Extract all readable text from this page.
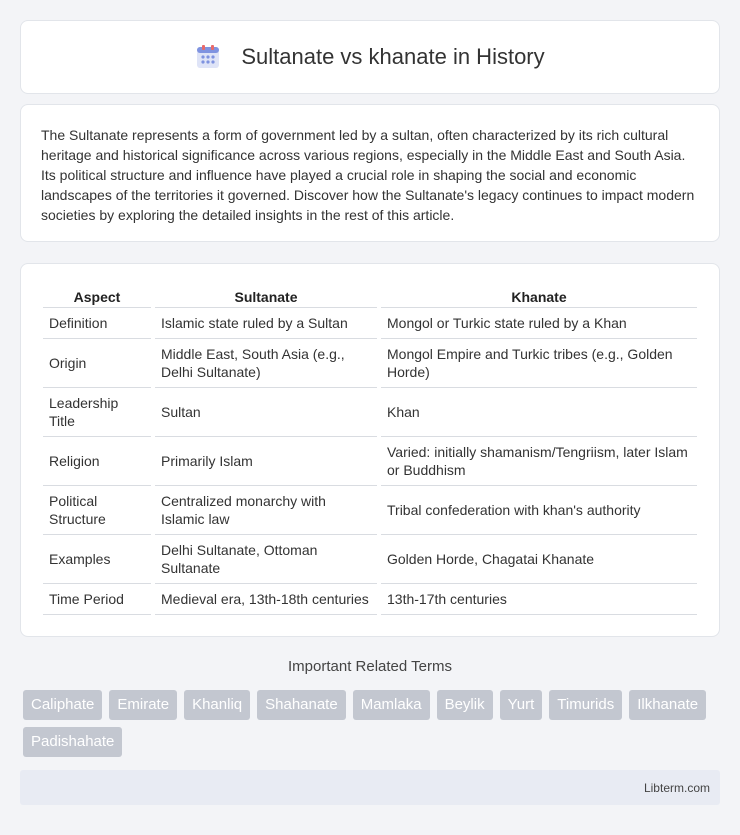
Sultanate vs khanate in History

The Sultanate represents a form of government led by a sultan, often characterized by its rich cultural heritage and historical significance across various regions, especially in the Middle East and South Asia. Its political structure and influence have played a crucial role in shaping the social and economic landscapes of the territories it governed. Discover how the Sultanate's legacy continues to impact modern societies by exploring the detailed insights in the rest of this article.

Aspect	Sultanate	Khanate
Definition	Islamic state ruled by a Sultan	Mongol or Turkic state ruled by a Khan
Origin	Middle East, South Asia (e.g., Delhi Sultanate)	Mongol Empire and Turkic tribes (e.g., Golden Horde)
Leadership Title	Sultan	Khan
Religion	Primarily Islam	Varied: initially shamanism/Tengriism, later Islam or Buddhism
Political Structure	Centralized monarchy with Islamic law	Tribal confederation with khan's authority
Examples	Delhi Sultanate, Ottoman Sultanate	Golden Horde, Chagatai Khanate
Time Period	Medieval era, 13th-18th centuries	13th-17th centuries
Important Related Terms
Caliphate	Emirate	Khanliq	Shahanate	Mamlaka	Beylik	Yurt	Timurids	Ilkhanate
Padishahate
Libterm.com
